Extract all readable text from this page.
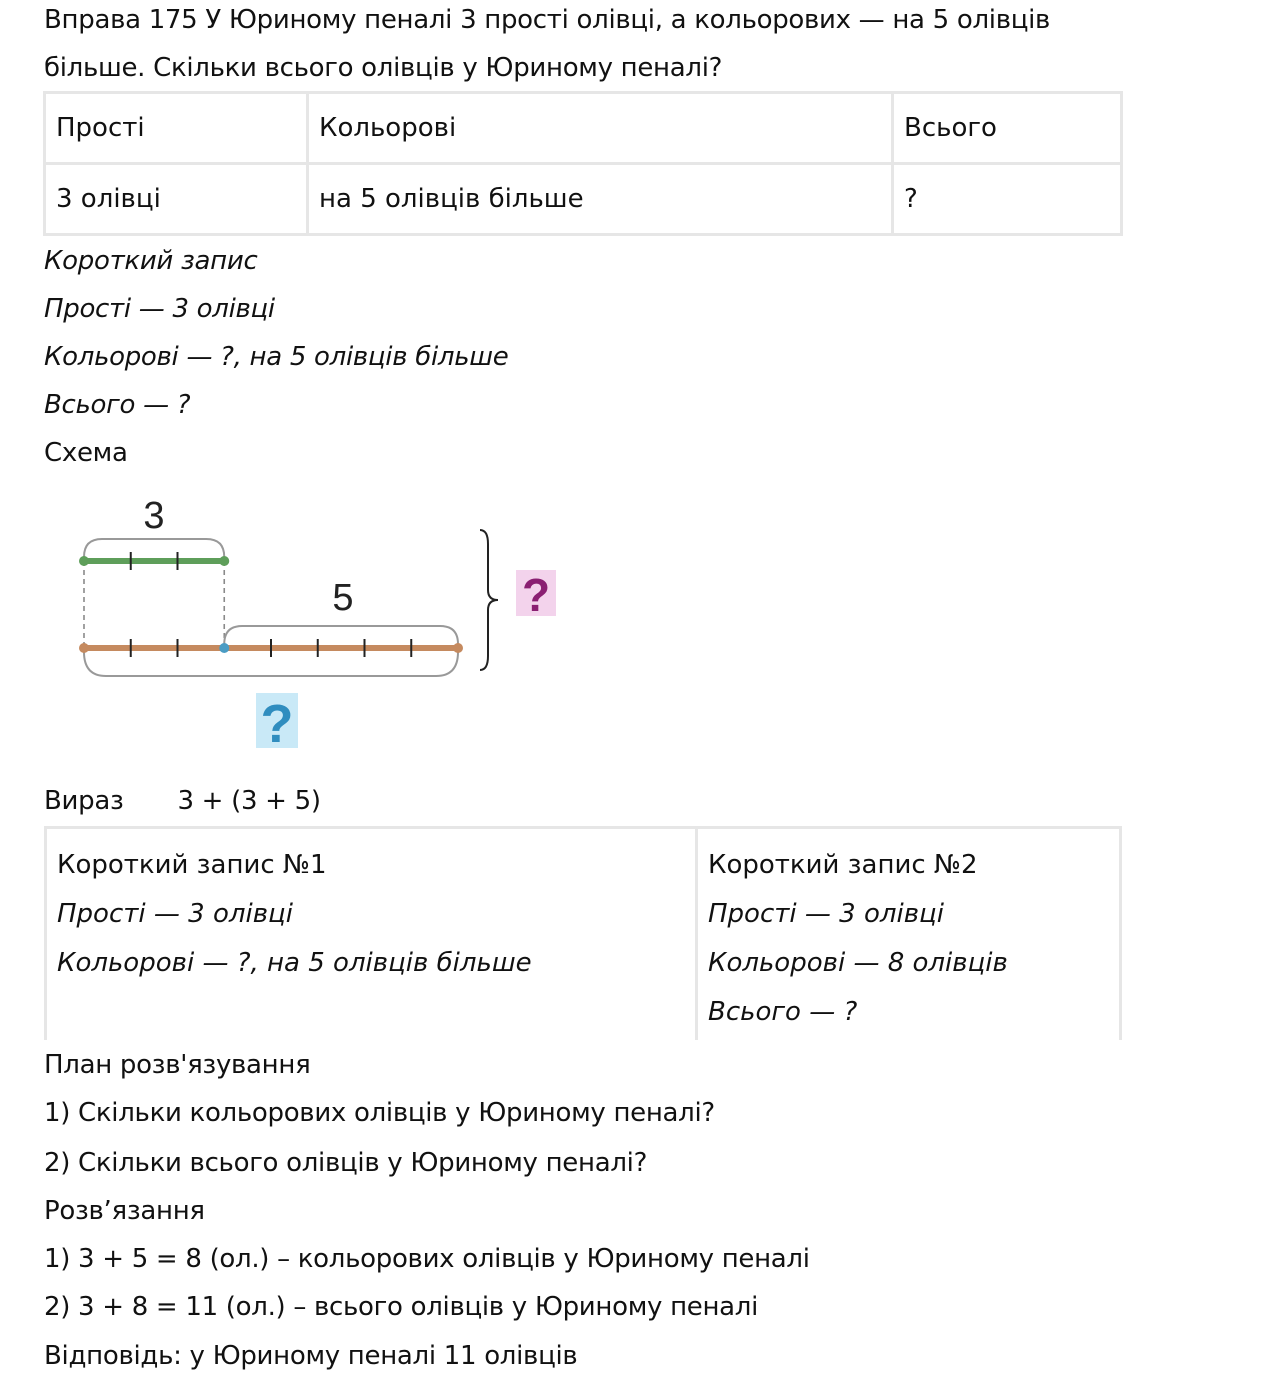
Вправа 175 У Юриному пеналі 3 прості олівці, а кольорових — на 5 олівців
більше. Скільки всього олівців у Юриному пеналі?
Прості	Кольорові	Всього
3 олівці	на 5 олівців більше	?
Короткий запис
Прості — 3 олівці
Кольорові — ?, на 5 олівців більше
Всього — ?
Схема
3
5	?
?
Вираз 3 + (3 + 5)
Короткий запис №1
Прості — 3 олівці
Кольорові — ?, на 5 олівців більше
Короткий запис №2
Прості — 3 олівці
Кольорові — 8 олівців
Всього — ?
План розв'язування
1) Скільки кольорових олівців у Юриному пеналі?
2) Скільки всього олівців у Юриному пеналі?
Розв’язання
1) 3 + 5 = 8 (ол.) – кольорових олівців у Юриному пеналі
2) 3 + 8 = 11 (ол.) – всього олівців у Юриному пеналі
Відповідь: у Юриному пеналі 11 олівців
